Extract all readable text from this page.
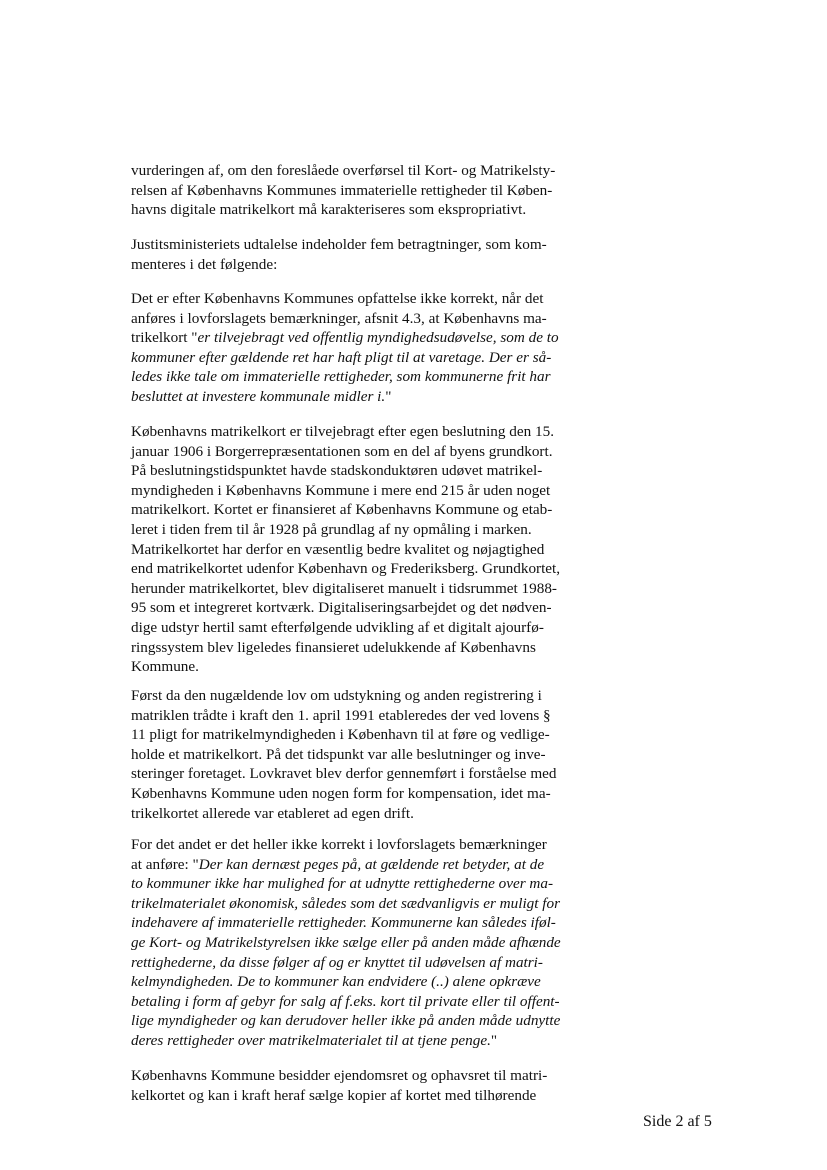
vurderingen af, om den foreslåede overførsel til Kort- og Matrikelsty-
relsen af Københavns Kommunes immaterielle rettigheder til Køben-
havns digitale matrikelkort må karakteriseres som ekspropriativt.
Justitsministeriets udtalelse indeholder fem betragtninger, som kom-
menteres i det følgende:
Det er efter Københavns Kommunes opfattelse ikke korrekt, når det
anføres i lovforslagets bemærkninger, afsnit 4.3, at Københavns ma-
trikelkort "er tilvejebragt ved offentlig myndighedsudøvelse, som de to
kommuner efter gældende ret har haft pligt til at varetage. Der er så-
ledes ikke tale om immaterielle rettigheder, som kommunerne frit har
besluttet at investere kommunale midler i."
Københavns matrikelkort er tilvejebragt efter egen beslutning den 15.
januar 1906 i Borgerrepræsentationen som en del af byens grundkort.
På beslutningstidspunktet havde stadskonduktøren udøvet matrikel-
myndigheden i Københavns Kommune i mere end 215 år uden noget
matrikelkort. Kortet er finansieret af Københavns Kommune og etab-
leret i tiden frem til år 1928 på grundlag af ny opmåling i marken.
Matrikelkortet har derfor en væsentlig bedre kvalitet og nøjagtighed
end matrikelkortet udenfor København og Frederiksberg. Grundkortet,
herunder matrikelkortet, blev digitaliseret manuelt i tidsrummet 1988-
95 som et integreret kortværk. Digitaliseringsarbejdet og det nødven-
dige udstyr hertil samt efterfølgende udvikling af et digitalt ajourfø-
ringssystem blev ligeledes finansieret udelukkende af Københavns
Kommune.
Først da den nugældende lov om udstykning og anden registrering i
matriklen trådte i kraft den 1. april 1991 etableredes der ved lovens §
11 pligt for matrikelmyndigheden i København til at føre og vedlige-
holde et matrikelkort. På det tidspunkt var alle beslutninger og inve-
steringer foretaget. Lovkravet blev derfor gennemført i forståelse med
Københavns Kommune uden nogen form for kompensation, idet ma-
trikelkortet allerede var etableret ad egen drift.
For det andet er det heller ikke korrekt i lovforslagets bemærkninger
at anføre: "Der kan dernæst peges på, at gældende ret betyder, at de
to kommuner ikke har mulighed for at udnytte rettighederne over ma-
trikelmaterialet økonomisk, således som det sædvanligvis er muligt for
indehavere af immaterielle rettigheder. Kommunerne kan således iføl-
ge Kort- og Matrikelstyrelsen ikke sælge eller på anden måde afhænde
rettighederne, da disse følger af og er knyttet til udøvelsen af matri-
kelmyndigheden. De to kommuner kan endvidere (..) alene opkræve
betaling i form af gebyr for salg af f.eks. kort til private eller til offent-
lige myndigheder og kan derudover heller ikke på anden måde udnytte
deres rettigheder over matrikelmaterialet til at tjene penge."
Københavns Kommune besidder ejendomsret og ophavsret til matri-
kelkortet og kan i kraft heraf sælge kopier af kortet med tilhørende
Side 2 af 5
